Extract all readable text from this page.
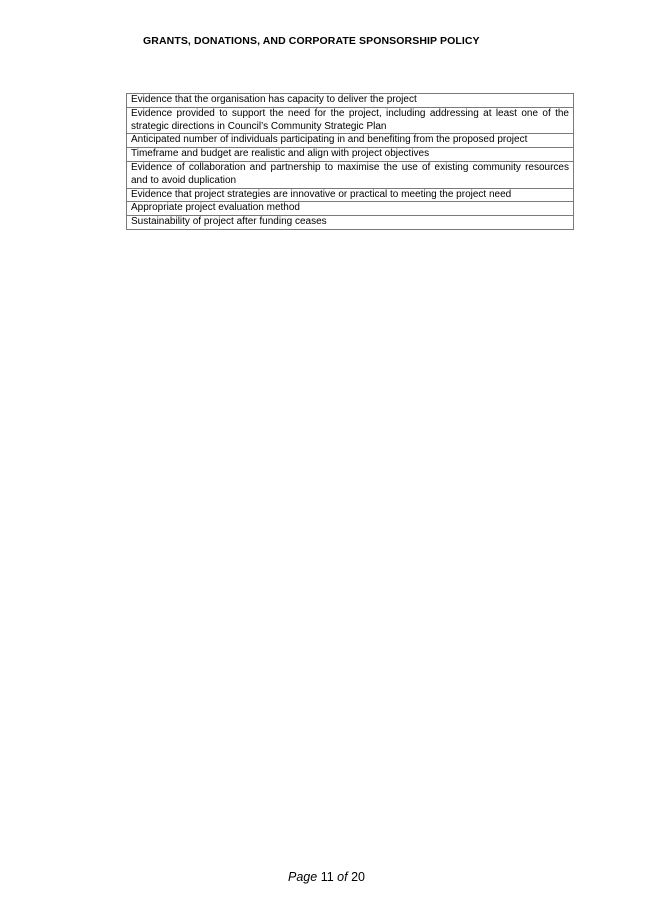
GRANTS, DONATIONS, AND CORPORATE SPONSORSHIP POLICY
Evidence that the organisation has capacity to deliver the project
Evidence provided to support the need for the project, including addressing at least one of the strategic directions in Council’s Community Strategic Plan
Anticipated number of individuals participating in and benefiting from the proposed project
Timeframe and budget are realistic and align with project objectives
Evidence of collaboration and partnership to maximise the use of existing community resources and to avoid duplication
Evidence that project strategies are innovative or practical to meeting the project need
Appropriate project evaluation method
Sustainability of project after funding ceases
Page 11 of 20
